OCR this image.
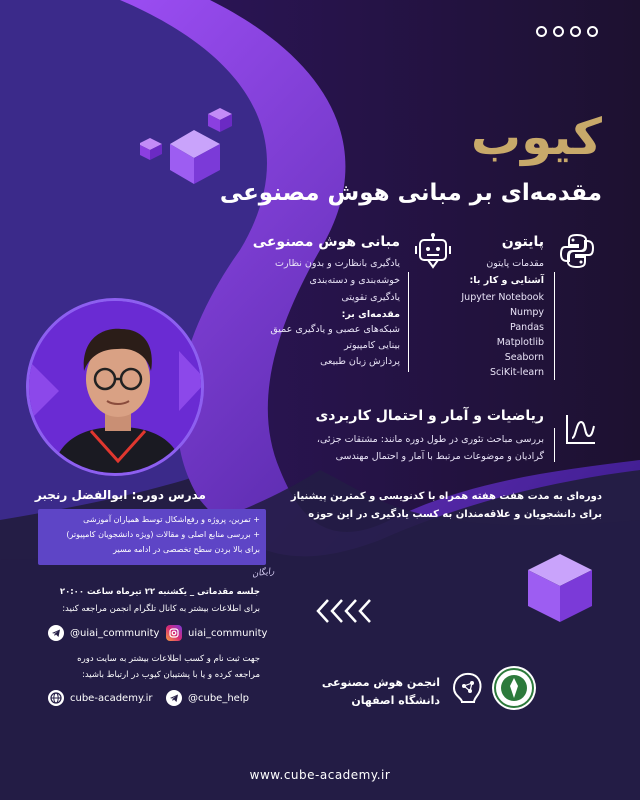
کیوب
مقدمه‌ای بر مبانی هوش مصنوعی
پایتون
مقدمات پایتون
آشنایی و کار با:
Jupyter Notebook
Numpy
Pandas
Matplotlib
Seaborn
SciKit-learn
مبانی هوش مصنوعی
یادگیری بانظارت و بدون نظارت
خوشه‌بندی و دسته‌بندی
یادگیری تقویتی
مقدمه‌ای بر:
شبکه‌های عصبی و یادگیری عمیق
بینایی کامپیوتر
پردازش زبان طبیعی
ریاضیات و آمار و احتمال کاربردی
بررسی مباحث تئوری در طول دوره مانند: مشتقات جزئی،
گرادیان و موضوعات مرتبط با آمار و احتمال مهندسی
دوره‌ای به مدت هفت هفته همراه با کدنویسی و کمترین پیشنیاز
برای دانشجویان و علاقه‌مندان به کسب یادگیری در این حوزه
مدرس دوره: ابوالفضل رنجبر
+ تمرین، پروژه و رفع‌اشکال توسط همیاران آموزشی
+ بررسی منابع اصلی و مقالات (ویژه دانشجویان کامپیوتر)
برای بالا بردن سطح تخصصی در ادامه مسیر
رایگان
جلسه مقدماتی _ یکشنبه ۲۲ تیرماه ساعت ۲۰:۰۰
برای اطلاعات بیشتر به کانال تلگرام انجمن مراجعه کنید:
@uiai_community	uiai_community
جهت ثبت نام و کسب اطلاعات بیشتر به سایت دوره
مراجعه کرده و یا با پشتیبان کیوب در ارتباط باشید:
cube-academy.ir	@cube_help
انجمن هوش مصنوعی
دانشگاه اصفهان
www.cube-academy.ir
